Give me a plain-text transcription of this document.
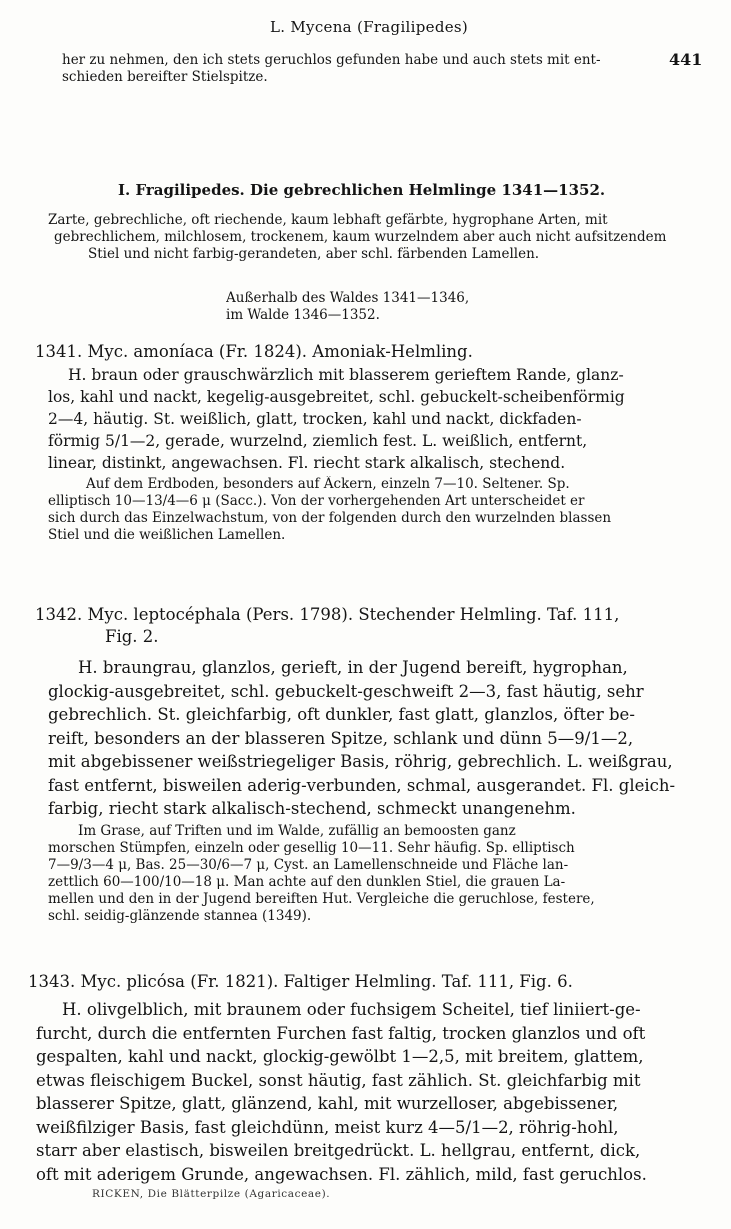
L. Mycena (Fragilipedes)
441
her zu nehmen, den ich stets geruchlos gefunden habe und auch stets mit ent-
schieden bereifter Stielspitze.
I. Fragilipedes. Die gebrechlichen Helmlinge 1341—1352.
Zarte, gebrechliche, oft riechende, kaum lebhaft gefärbte, hygrophane Arten, mit
gebrechlichem, milchlosem, trockenem, kaum wurzelndem aber auch nicht aufsitzendem
Stiel und nicht farbig-gerandeten, aber schl. färbenden Lamellen.
Außerhalb des Waldes 1341—1346,
im Walde 1346—1352.
1341. Myc. amoníaca (Fr. 1824). Amoniak-Helmling.
H. braun oder grauschwärzlich mit blasserem gerieftem Rande, glanz-
los, kahl und nackt, kegelig-ausgebreitet, schl. gebuckelt-scheibenförmig
2—4, häutig. St. weißlich, glatt, trocken, kahl und nackt, dickfaden-
förmig 5/1—2, gerade, wurzelnd, ziemlich fest. L. weißlich, entfernt,
linear, distinkt, angewachsen. Fl. riecht stark alkalisch, stechend.
Auf dem Erdboden, besonders auf Äckern, einzeln 7—10. Seltener. Sp.
elliptisch 10—13/4—6 μ (Sacc.). Von der vorhergehenden Art unterscheidet er
sich durch das Einzelwachstum, von der folgenden durch den wurzelnden blassen
Stiel und die weißlichen Lamellen.
1342. Myc. leptocéphala (Pers. 1798). Stechender Helmling. Taf. 111,
Fig. 2.
H. braungrau, glanzlos, gerieft, in der Jugend bereift, hygrophan,
glockig-ausgebreitet, schl. gebuckelt-geschweift 2—3, fast häutig, sehr
gebrechlich. St. gleichfarbig, oft dunkler, fast glatt, glanzlos, öfter be-
reift, besonders an der blasseren Spitze, schlank und dünn 5—9/1—2,
mit abgebissener weißstriegeliger Basis, röhrig, gebrechlich. L. weißgrau,
fast entfernt, bisweilen aderig-verbunden, schmal, ausgerandet. Fl. gleich-
farbig, riecht stark alkalisch-stechend, schmeckt unangenehm.
Im Grase, auf Triften und im Walde, zufällig an bemoosten ganz
morschen Stümpfen, einzeln oder gesellig 10—11. Sehr häufig. Sp. elliptisch
7—9/3—4 μ, Bas. 25—30/6—7 μ, Cyst. an Lamellenschneide und Fläche lan-
zettlich 60—100/10—18 μ. Man achte auf den dunklen Stiel, die grauen La-
mellen und den in der Jugend bereiften Hut. Vergleiche die geruchlose, festere,
schl. seidig-glänzende stannea (1349).
1343. Myc. plicósa (Fr. 1821). Faltiger Helmling. Taf. 111, Fig. 6.
H. olivgelblich, mit braunem oder fuchsigem Scheitel, tief liniiert-ge-
furcht, durch die entfernten Furchen fast faltig, trocken glanzlos und oft
gespalten, kahl und nackt, glockig-gewölbt 1—2,5, mit breitem, glattem,
etwas fleischigem Buckel, sonst häutig, fast zählich. St. gleichfarbig mit
blasserer Spitze, glatt, glänzend, kahl, mit wurzelloser, abgebissener,
weißfilziger Basis, fast gleichdünn, meist kurz 4—5/1—2, röhrig-hohl,
starr aber elastisch, bisweilen breitgedrückt. L. hellgrau, entfernt, dick,
oft mit aderigem Grunde, angewachsen. Fl. zählich, mild, fast geruchlos.
RICKEN, Die Blätterpilze (Agaricaceae).
